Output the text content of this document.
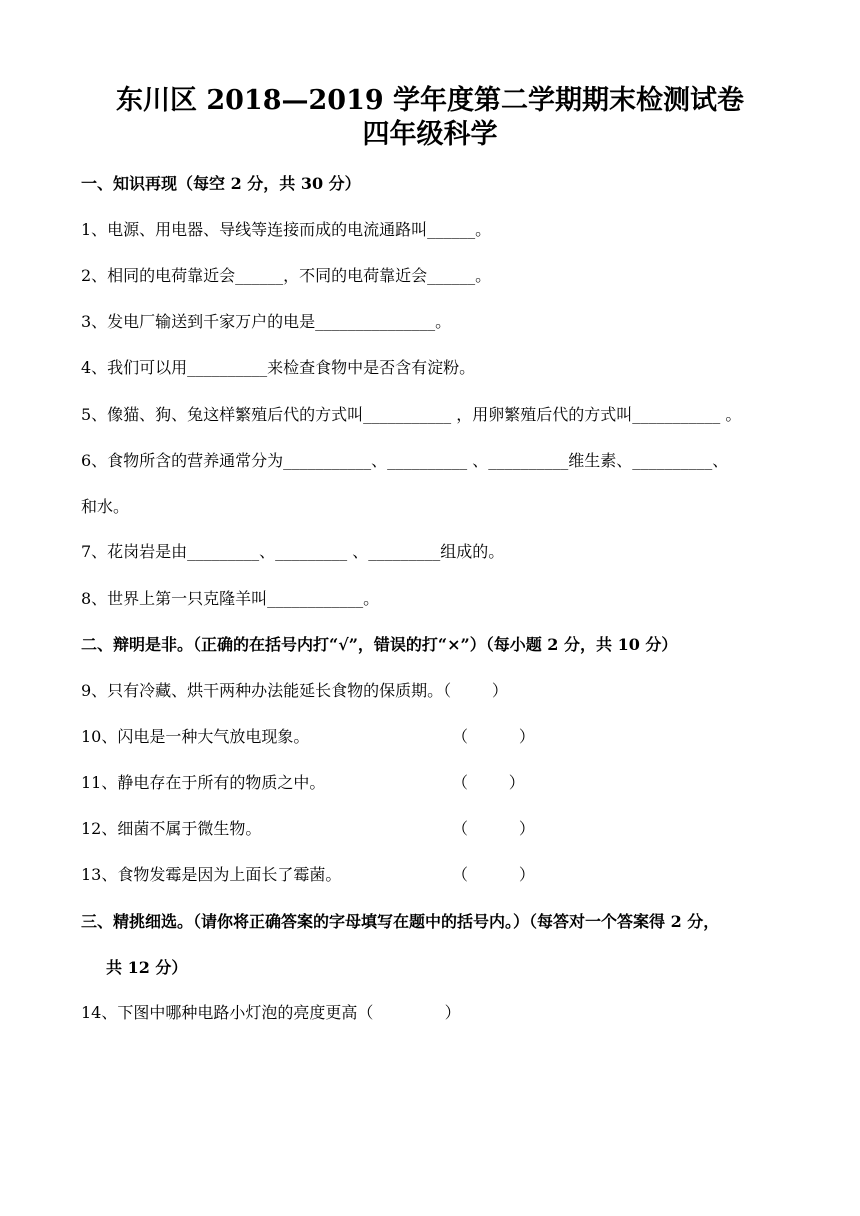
东川区 2018—2019 学年度第二学期期末检测试卷
四年级科学
一、知识再现（每空 2 分，共 30 分）
1、电源、用电器、导线等连接而成的电流通路叫______。
2、相同的电荷靠近会______，不同的电荷靠近会______。
3、发电厂输送到千家万户的电是_______________。
4、我们可以用__________来检查食物中是否含有淀粉。
5、像猫、狗、兔这样繁殖后代的方式叫___________ ，用卵繁殖后代的方式叫___________ 。
6、食物所含的营养通常分为___________、__________ 、__________维生素、__________、
和水。
7、花岗岩是由_________、_________ 、_________组成的。
8、世界上第一只克隆羊叫____________。
二、辩明是非。（正确的在括号内打“√”，错误的打“×”）（每小题 2 分，共 10 分）
9、只有冷藏、烘干两种办法能延长食物的保质期。（        ）
10、闪电是一种大气放电现象。	（          ）
11、静电存在于所有的物质之中。	（        ）
12、细菌不属于微生物。	（          ）
13、食物发霉是因为上面长了霉菌。	（          ）
三、精挑细选。（请你将正确答案的字母填写在题中的括号内。）（每答对一个答案得 2 分，
共 12 分）
14、下图中哪种电路小灯泡的亮度更高（              ）
